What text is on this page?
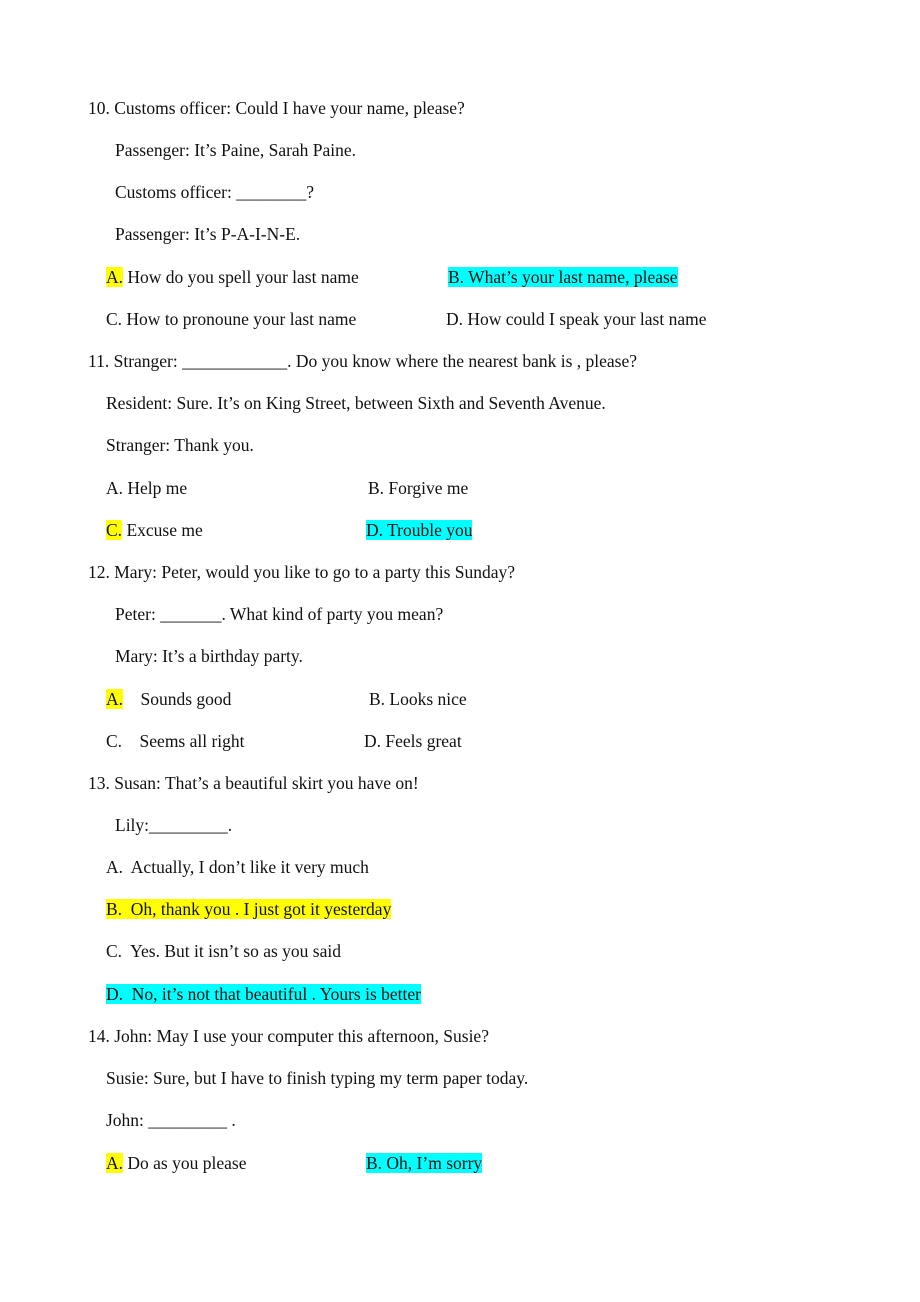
10. Customs officer: Could I have your name, please?
Passenger: It’s Paine, Sarah Paine.
Customs officer: ________?
Passenger: It’s P-A-I-N-E.
A. How do you spell your last name	B. What’s your last name, please
C. How to pronoune your last name	D. How could I speak your last name
11. Stranger: ____________. Do you know where the nearest bank is , please?
Resident: Sure. It’s on King Street, between Sixth and Seventh Avenue.
Stranger: Thank you.
A. Help me	B. Forgive me
C. Excuse me	D. Trouble you
12. Mary: Peter, would you like to go to a party this Sunday?
Peter: _______. What kind of party you mean?
Mary: It’s a birthday party.
A.    Sounds good	B. Looks nice
C.    Seems all right	D. Feels great
13. Susan: That’s a beautiful skirt you have on!
Lily:_________.
A.  Actually, I don’t like it very much
B.  Oh, thank you . I just got it yesterday
C.  Yes. But it isn’t so as you said
D.  No, it’s not that beautiful . Yours is better
14. John: May I use your computer this afternoon, Susie?
Susie: Sure, but I have to finish typing my term paper today.
John: _________ .
A. Do as you please	B. Oh, I’m sorry
